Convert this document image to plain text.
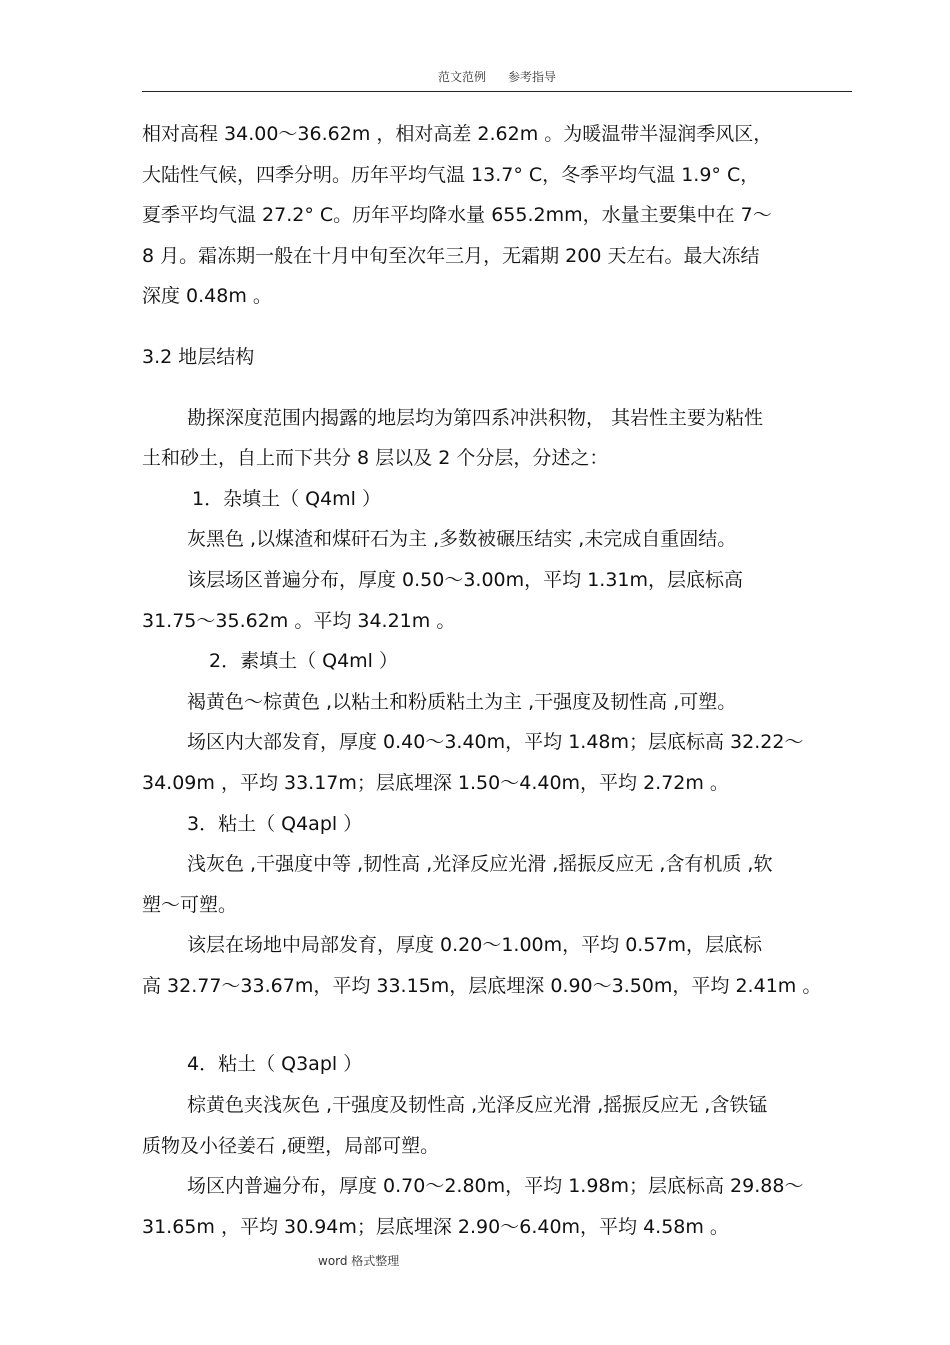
范文范例 参考指导
相对高程 34.00～36.62m ，相对高差 2.62m 。为暖温带半湿润季风区，
大陆性气候，四季分明。历年平均气温 13.7° C，冬季平均气温 1.9° C，
夏季平均气温 27.2° C。历年平均降水量 655.2mm，水量主要集中在 7～
8 月。霜冻期一般在十月中旬至次年三月，无霜期 200 天左右。最大冻结
深度 0.48m 。
3.2 地层结构
勘探深度范围内揭露的地层均为第四系冲洪积物， 其岩性主要为粘性
土和砂土，自上而下共分 8 层以及 2 个分层，分述之：
1．杂填土（ Q4ml ）
灰黑色 ,以煤渣和煤矸石为主 ,多数被碾压结实 ,未完成自重固结。
该层场区普遍分布，厚度 0.50～3.00m，平均 1.31m，层底标高
31.75～35.62m 。平均 34.21m 。
2．素填土（ Q4ml ）
褐黄色～棕黄色 ,以粘土和粉质粘土为主 ,干强度及韧性高 ,可塑。
场区内大部发育，厚度 0.40～3.40m，平均 1.48m；层底标高 32.22～
34.09m ，平均 33.17m；层底埋深 1.50～4.40m，平均 2.72m 。
3．粘土（ Q4apl ）
浅灰色 ,干强度中等 ,韧性高 ,光泽反应光滑 ,摇振反应无 ,含有机质 ,软
塑～可塑。
该层在场地中局部发育，厚度 0.20～1.00m，平均 0.57m，层底标
高 32.77～33.67m，平均 33.15m，层底埋深 0.90～3.50m，平均 2.41m 。
4．粘土（ Q3apl ）
棕黄色夹浅灰色 ,干强度及韧性高 ,光泽反应光滑 ,摇振反应无 ,含铁锰
质物及小径姜石 ,硬塑，局部可塑。
场区内普遍分布，厚度 0.70～2.80m，平均 1.98m；层底标高 29.88～
31.65m ，平均 30.94m；层底埋深 2.90～6.40m，平均 4.58m 。
word 格式整理
